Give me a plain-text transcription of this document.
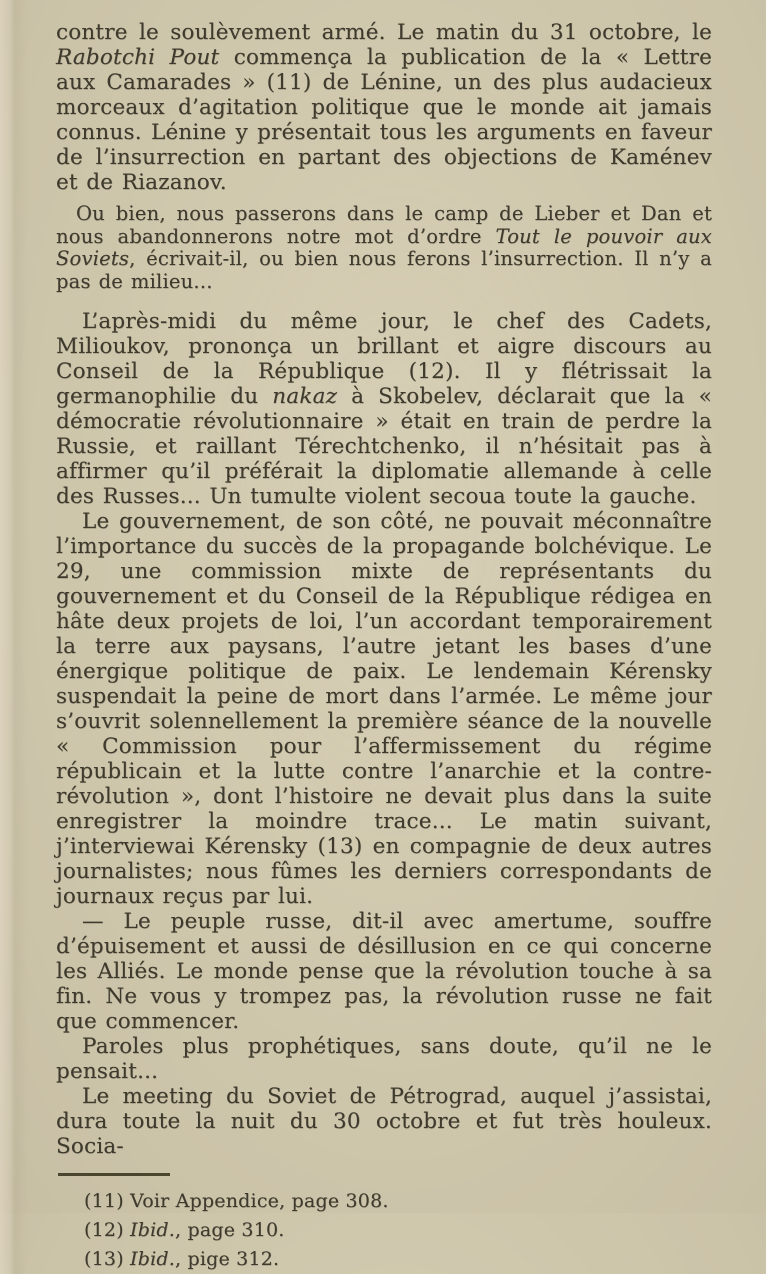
contre le soulèvement armé. Le matin du 31 octobre, le Rabotchi Pout commença la publication de la « Lettre aux Camarades » (11) de Lénine, un des plus audacieux morceaux d’agitation politique que le monde ait jamais connus. Lénine y présentait tous les arguments en faveur de l’insurrection en partant des objections de Kaménev et de Riazanov.

Ou bien, nous passerons dans le camp de Lieber et Dan et nous abandonnerons notre mot d’ordre Tout le pouvoir aux Soviets, écrivait-il, ou bien nous ferons l’insurrection. Il n’y a pas de milieu...

L’après-midi du même jour, le chef des Cadets, Milioukov, prononça un brillant et aigre discours au Conseil de la République (12). Il y flétrissait la germanophilie du nakaz à Skobelev, déclarait que la « démocratie révolutionnaire » était en train de perdre la Russie, et raillant Térechtchenko, il n’hésitait pas à affirmer qu’il préférait la diplomatie allemande à celle des Russes... Un tumulte violent secoua toute la gauche.

Le gouvernement, de son côté, ne pouvait méconnaître l’importance du succès de la propagande bolchévique. Le 29, une commission mixte de représentants du gouvernement et du Conseil de la République rédigea en hâte deux projets de loi, l’un accordant temporairement la terre aux paysans, l’autre jetant les bases d’une énergique politique de paix. Le lendemain Kérensky suspendait la peine de mort dans l’armée. Le même jour s’ouvrit solennellement la première séance de la nouvelle « Commission pour l’affermissement du régime républicain et la lutte contre l’anarchie et la contre-révolution », dont l’histoire ne devait plus dans la suite enregistrer la moindre trace... Le matin suivant, j’interviewai Kérensky (13) en compagnie de deux autres journalistes; nous fûmes les derniers correspondants de journaux reçus par lui.

— Le peuple russe, dit-il avec amertume, souffre d’épuisement et aussi de désillusion en ce qui concerne les Alliés. Le monde pense que la révolution touche à sa fin. Ne vous y trompez pas, la révolution russe ne fait que commencer.

Paroles plus prophétiques, sans doute, qu’il ne le pensait...

Le meeting du Soviet de Pétrograd, auquel j’assistai, dura toute la nuit du 30 octobre et fut très houleux. Socia-

(11) Voir Appendice, page 308.

(12) Ibid., page 310.

(13) Ibid., pige 312.
